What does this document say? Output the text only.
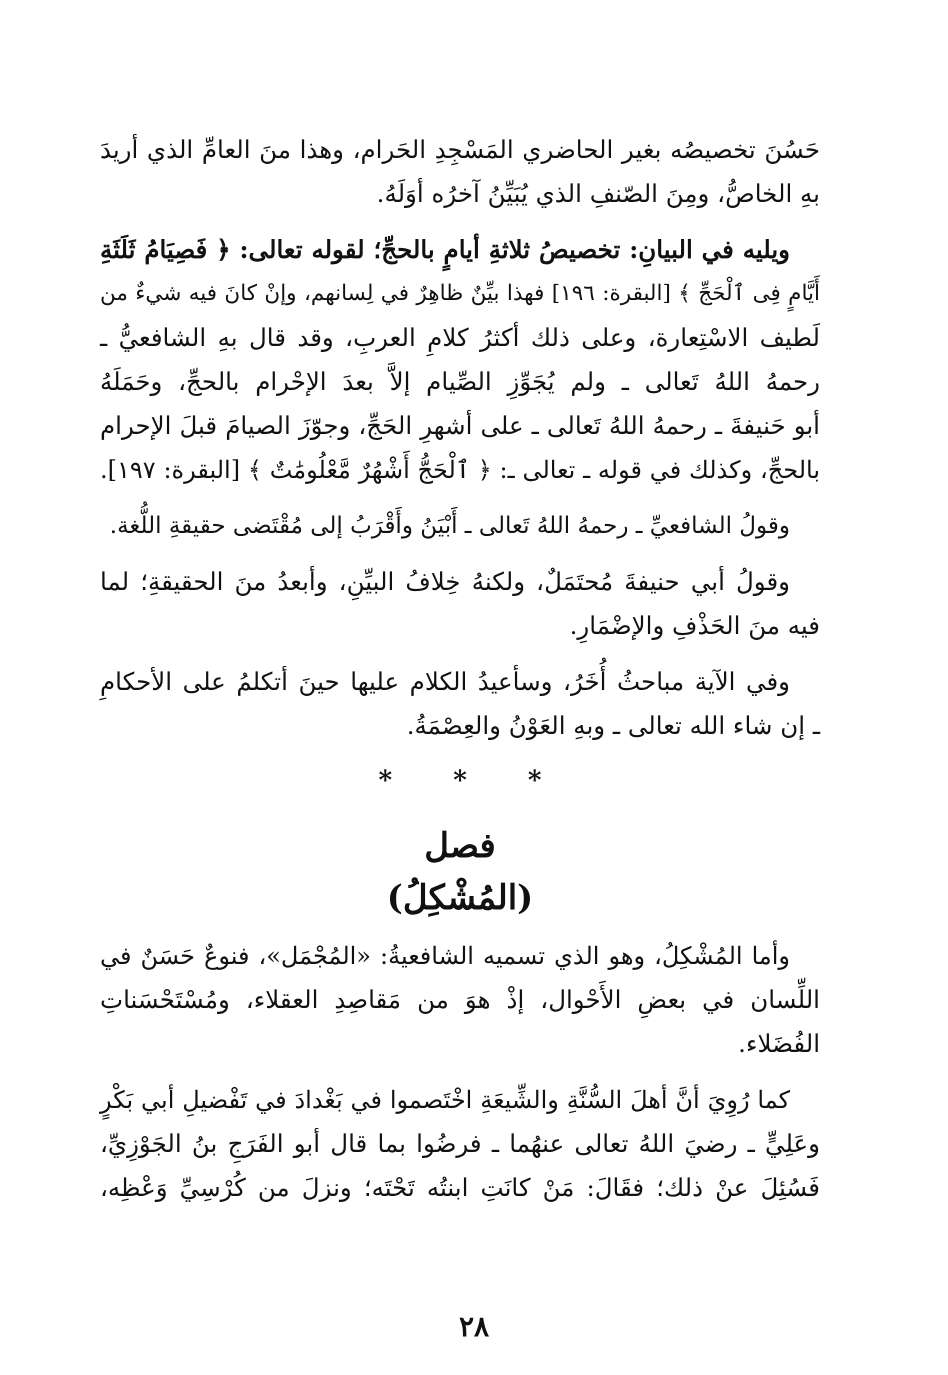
حَسُنَ تخصيصُه بغير الحاضري المَسْجِدِ الحَرام، وهذا منَ العامِّ الذي أريدَ
بهِ الخاصُّ، ومِنَ الصّنفِ الذي يُبَيِّنُ آخرُه أوَلَهُ.
ويليه في البيانِ: تخصيصُ ثلاثةِ أيامٍ بالحجِّ؛ لقوله تعالى: ﴿ فَصِيَامُ ثَلَثَةِ
أَيَّامٍ فِى ٱلْحَجِّ ﴾ [البقرة: ١٩٦] فهذا بيِّنٌ ظاهِرٌ في لِسانهم، وإنْ كانَ فيه شيءٌ من
لَطيف الاسْتِعارة، وعلى ذلك أكثرُ كلامِ العربِ، وقد قال بهِ الشافعيُّ ـ
رحمهُ اللهُ تَعالى ـ ولم يُجَوِّزِ الصِّيام إلاَّ بعدَ الإحْرام بالحجِّ، وحَمَلَهُ
أبو حَنيفةَ ـ رحمهُ اللهُ تَعالى ـ على أشهرِ الحَجِّ، وجوّزَ الصيامَ قبلَ الإحرام
بالحجِّ، وكذلك في قوله ـ تعالى ـ: ﴿ ٱلْحَجُّ أَشْهُرٌ مَّعْلُومَٰتٌ ﴾ [البقرة: ١٩٧].
وقولُ الشافعيِّ ـ رحمهُ اللهُ تَعالى ـ أَبْيَنُ وأَقْرَبُ إلى مُقْتَضى حقيقةِ اللُّغة.
وقولُ أبي حنيفةَ مُحتَمَلٌ، ولكنهُ خِلافُ البيِّنِ، وأبعدُ منَ الحقيقةِ؛ لما
فيه منَ الحَذْفِ والإضْمَارِ.
وفي الآية مباحثُ أُخَرُ، وسأعيدُ الكلام عليها حينَ أتكلمُ على الأحكامِ
ـ إن شاء الله تعالى ـ وبهِ العَوْنُ والعِصْمَةُ.
* * *
فصل
(المُشْكِلُ)
وأما المُشْكِلُ، وهو الذي تسميه الشافعيةُ: «المُجْمَل»، فنوعٌ حَسَنٌ في
اللِّسان في بعضِ الأَحْوال، إذْ هوَ من مَقاصِدِ العقلاء، ومُسْتَحْسَناتِ
الفُضَلاء.
كما رُوِيَ أنَّ أهلَ السُّنَّةِ والشِّيعَةِ اخْتَصموا في بَغْدادَ في تَفْضيلِ أبي بَكْرٍ
وعَلِيٍّ ـ رضيَ اللهُ تعالى عنهُما ـ فرضُوا بما قال أبو الفَرَجِ بنُ الجَوْزِيِّ،
فَسُئِلَ عنْ ذلك؛ فقَالَ: مَنْ كانَتِ ابنتُه تَحْتَه؛ ونزلَ من كُرْسِيِّ وَعْظِه،
٢٨
